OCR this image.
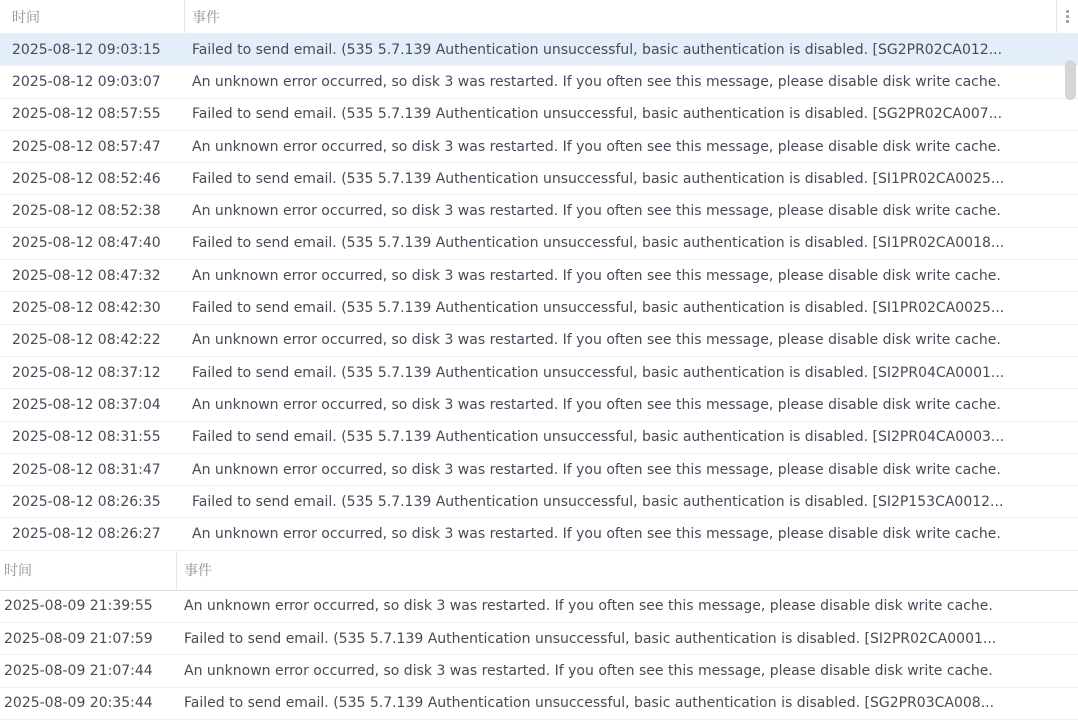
时间	事件
2025-08-12 09:03:15	Failed to send email. (535 5.7.139 Authentication unsuccessful, basic authentication is disabled. [SG2PR02CA012...
2025-08-12 09:03:07	An unknown error occurred, so disk 3 was restarted. If you often see this message, please disable disk write cache.
2025-08-12 08:57:55	Failed to send email. (535 5.7.139 Authentication unsuccessful, basic authentication is disabled. [SG2PR02CA007...
2025-08-12 08:57:47	An unknown error occurred, so disk 3 was restarted. If you often see this message, please disable disk write cache.
2025-08-12 08:52:46	Failed to send email. (535 5.7.139 Authentication unsuccessful, basic authentication is disabled. [SI1PR02CA0025...
2025-08-12 08:52:38	An unknown error occurred, so disk 3 was restarted. If you often see this message, please disable disk write cache.
2025-08-12 08:47:40	Failed to send email. (535 5.7.139 Authentication unsuccessful, basic authentication is disabled. [SI1PR02CA0018...
2025-08-12 08:47:32	An unknown error occurred, so disk 3 was restarted. If you often see this message, please disable disk write cache.
2025-08-12 08:42:30	Failed to send email. (535 5.7.139 Authentication unsuccessful, basic authentication is disabled. [SI1PR02CA0025...
2025-08-12 08:42:22	An unknown error occurred, so disk 3 was restarted. If you often see this message, please disable disk write cache.
2025-08-12 08:37:12	Failed to send email. (535 5.7.139 Authentication unsuccessful, basic authentication is disabled. [SI2PR04CA0001...
2025-08-12 08:37:04	An unknown error occurred, so disk 3 was restarted. If you often see this message, please disable disk write cache.
2025-08-12 08:31:55	Failed to send email. (535 5.7.139 Authentication unsuccessful, basic authentication is disabled. [SI2PR04CA0003...
2025-08-12 08:31:47	An unknown error occurred, so disk 3 was restarted. If you often see this message, please disable disk write cache.
2025-08-12 08:26:35	Failed to send email. (535 5.7.139 Authentication unsuccessful, basic authentication is disabled. [SI2P153CA0012...
2025-08-12 08:26:27	An unknown error occurred, so disk 3 was restarted. If you often see this message, please disable disk write cache.
时间	事件
2025-08-09 21:39:55	An unknown error occurred, so disk 3 was restarted. If you often see this message, please disable disk write cache.
2025-08-09 21:07:59	Failed to send email. (535 5.7.139 Authentication unsuccessful, basic authentication is disabled. [SI2PR02CA0001...
2025-08-09 21:07:44	An unknown error occurred, so disk 3 was restarted. If you often see this message, please disable disk write cache.
2025-08-09 20:35:44	Failed to send email. (535 5.7.139 Authentication unsuccessful, basic authentication is disabled. [SG2PR03CA008...
